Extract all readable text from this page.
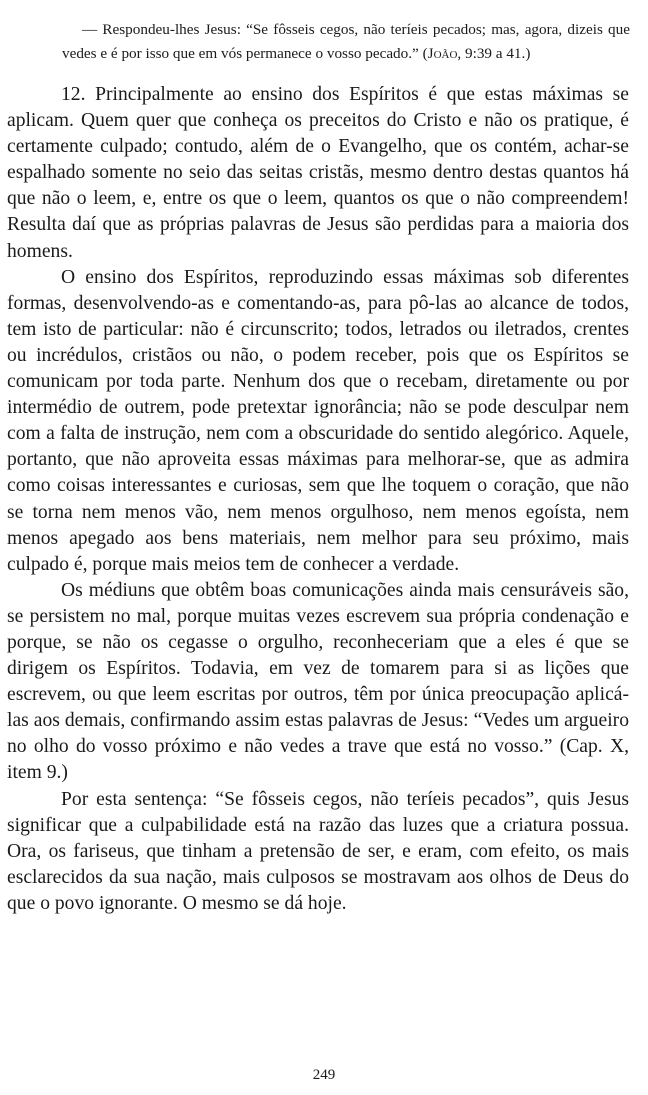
— Respondeu-lhes Jesus: “Se fôsseis cegos, não teríeis pecados; mas, agora, dizeis que vedes e é por isso que em vós permanece o vosso pecado.” (João, 9:39 a 41.)

12. Principalmente ao ensino dos Espíritos é que estas máximas se aplicam. Quem quer que conheça os preceitos do Cristo e não os pratique, é certamente culpado; contudo, além de o Evangelho, que os contém, achar-se espalhado somente no seio das seitas cristãs, mesmo dentro destas quantos há que não o leem, e, entre os que o leem, quantos os que o não compreendem! Resulta daí que as próprias palavras de Jesus são perdidas para a maioria dos homens.

O ensino dos Espíritos, reproduzindo essas máximas sob diferentes formas, desenvolvendo-as e comentando-as, para pô-las ao alcance de todos, tem isto de particular: não é circunscrito; todos, letrados ou iletrados, crentes ou incrédulos, cristãos ou não, o podem receber, pois que os Espíritos se comunicam por toda parte. Nenhum dos que o recebam, diretamente ou por intermédio de outrem, pode pretextar ignorância; não se pode desculpar nem com a falta de instrução, nem com a obscuridade do sentido alegórico. Aquele, portanto, que não aproveita essas máximas para melhorar-se, que as admira como coisas interessantes e curiosas, sem que lhe toquem o coração, que não se torna nem menos vão, nem menos orgulhoso, nem menos egoísta, nem menos apegado aos bens materiais, nem melhor para seu próximo, mais culpado é, porque mais meios tem de conhecer a verdade.

Os médiuns que obtêm boas comunicações ainda mais censuráveis são, se persistem no mal, porque muitas vezes escrevem sua própria condenação e porque, se não os cegasse o orgulho, reconheceriam que a eles é que se dirigem os Espíritos. Todavia, em vez de tomarem para si as lições que escrevem, ou que leem escritas por outros, têm por única preocupação aplicá-las aos demais, confirmando assim estas palavras de Jesus: “Vedes um argueiro no olho do vosso próximo e não vedes a trave que está no vosso.” (Cap. X, item 9.)

Por esta sentença: “Se fôsseis cegos, não teríeis pecados”, quis Jesus significar que a culpabilidade está na razão das luzes que a criatura possua. Ora, os fariseus, que tinham a pretensão de ser, e eram, com efeito, os mais esclarecidos da sua nação, mais culposos se mostravam aos olhos de Deus do que o povo ignorante. O mesmo se dá hoje.

249
